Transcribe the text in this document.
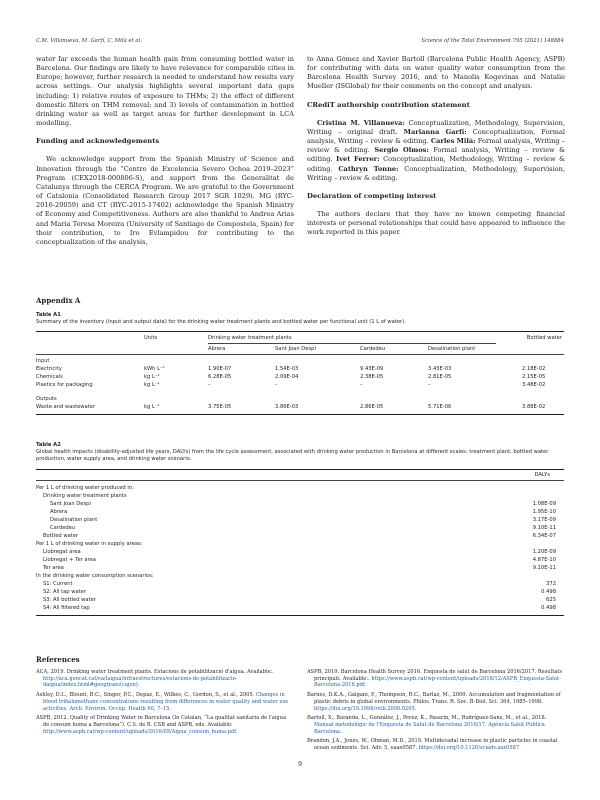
C.M. Villanueva, M. Garfí, C. Milà et al.	Science of the Total Environment 795 (2021) 148884

water far exceeds the human health gain from consuming bottled water in Barcelona. Our findings are likely to have relevance for comparable cities in Europe; however, further research is needed to understand how results vary across settings. Our analysis highlights several important data gaps including: 1) relative routes of exposure to THMs; 2) the effect of different domestic filters on THM removal; and 3) levels of contamination in bottled drinking water as well as target areas for further development in LCA modelling.

Funding and acknowledgements

We acknowledge support from the Spanish Ministry of Science and Innovation through the “Centro de Excelencia Severo Ochoa 2019–2023” Program (CEX2018-000806-S), and support from the Generalitat de Catalunya through the CERCA Program. We are grateful to the Government of Catalonia (Consolidated Research Group 2017 SGR 1029). MG (RYC-2016-20059) and CT (RYC-2015-17402) acknowledge the Spanish Ministry of Economy and Competitiveness. Authors are also thankful to Andrea Arias and Maria Teresa Moreira (University of Santiago de Compostela, Spain) for their contribution, to Iro Evlampidou for contributing to the conceptualization of the analysis,

to Anna Gómez and Xavier Bartoll (Barcelona Public Health Agency, ASPB) for contributing with data on water quality water consumption from the Barcelona Health Survey 2016, and to Manolis Kogevinas and Natalie Mueller (ISGlobal) for their comments on the concept and analysis.

CRediT authorship contribution statement

Cristina M. Villanueva: Conceptualization, Methodology, Supervision, Writing – original draft. Marianna Garfí: Conceptualization, Formal analysis, Writing – review & editing. Carles Milà: Formal analysis, Writing – review & editing. Sergio Olmos: Formal analysis, Writing – review & editing. Ivet Ferrer: Conceptualization, Methodology, Writing – review & editing. Cathryn Tonne: Conceptualization, Methodology, Supervision, Writing – review & editing.

Declaration of competing interest

The authors declare that they have no known competing financial interests or personal relationships that could have appeared to influence the work reported in this paper.

Appendix A
Table A1
Summary of the inventory (input and output data) for the drinking water treatment plants and bottled water per functional unit (1 L of water).
Units	Drinking water treatment plants	Bottled water
Abrera	Sant Joan Despí	Cardedeu	Desalination plant
Input
Electricity	kWh L⁻¹	1.90E-07	1.54E-03	9.43E-09	3.43E-03	2.18E-02
Chemicals	kg L⁻¹	6.28E-05	2.09E-04	2.38E-05	2.81E-05	2.15E-05
Plastics for packaging	kg L⁻¹	–	–	–	–	3.48E-02
Outputs
Waste and wastewater	kg L⁻¹	3.75E-05	3.86E-03	2.86E-05	5.71E-06	3.88E-02
Table A2
Global health impacts (disability-adjusted life years, DALYs) from the life cycle assessment, associated with drinking water production in Barcelona at different scales: treatment plant, bottled water production, water supply area, and drinking water scenario.
DALYs
Per 1 L of drinking water produced in:
Drinking water treatment plants
Sant Joan Despí	1.08E-09
Abrera	1.95E-10
Desalination plant	3.17E-09
Cardedeu	9.10E-11
Bottled water	6.34E-07
Per 1 L of drinking water in supply areas:
Llobregat area	1.20E-09
Llobregat + Ter area	4.87E-10
Ter area	9.10E-11
In the drinking water consumption scenarios:
S1: Current	372
S2: All tap water	0.498
S3: All bottled water	625
S4: All filtered tap	0.498
References

ACA, 2019. Drinking water treatment plants. Estacions de potabilització d'aigua. Available:. http://aca.gencat.cat/ca/laigua/infraestructures/estacions-de-potabilitzacio-daigua/index.html#googtrans(cajen).

Ashley, D.L., Blount, B.C., Singer, P.C., Depaz, E., Wilkes, C., Gordon, S., et al., 2005. Changes in blood trihalomethane concentrations resulting from differences in water quality and water use activities. Arch. Environ. Occup. Health 60, 7–15.

ASPB, 2012. Quality of Drinking Water in Barcelona (In Catalan, “La qualitat sanitaria de l'aigua de consum huma a Barcelona”). C.S. de B. CSB and ASPB, eds. Available: http://www.aspb.cat/wp-content/uploads/2016/05/Aigua_consum_huma.pdf.

ASPB, 2019. Barcelona Health Survey 2016. Enquesta de salut de Barcelona 2016/2017. Resultats principals. Available:. https://www.aspb.cat/wp-content/uploads/2018/12/ASPB_Enquesta-Salut-Barcelona-2016.pdf.

Barnes, D.K.A., Galgani, F., Thompson, R.C., Barlaz, M., 2009. Accumulation and fragmentation of plastic debris in global environments. Philos. Trans. R. Soc. B-Biol. Sci. 364, 1985–1998. https://doi.org/10.1098/rstb.2008.0205.

Bartoll, X., Baranda, L., González, J., Perez, K., Pasarin, M., Rodríguez-Sanz, M., et al., 2018. Manual metodològic de l'Enquesta de Salut de Barcelona 2016/17. Agència Salut Pública Barcelona.

Brandon, J.A., Jones, W., Ohman, M.D., 2019. Multidecadal increase in plastic particles in coastal ocean sediments. Sci. Adv. 5, eaax0587. https://doi.org/10.1126/sciadv.aax0587.

9
